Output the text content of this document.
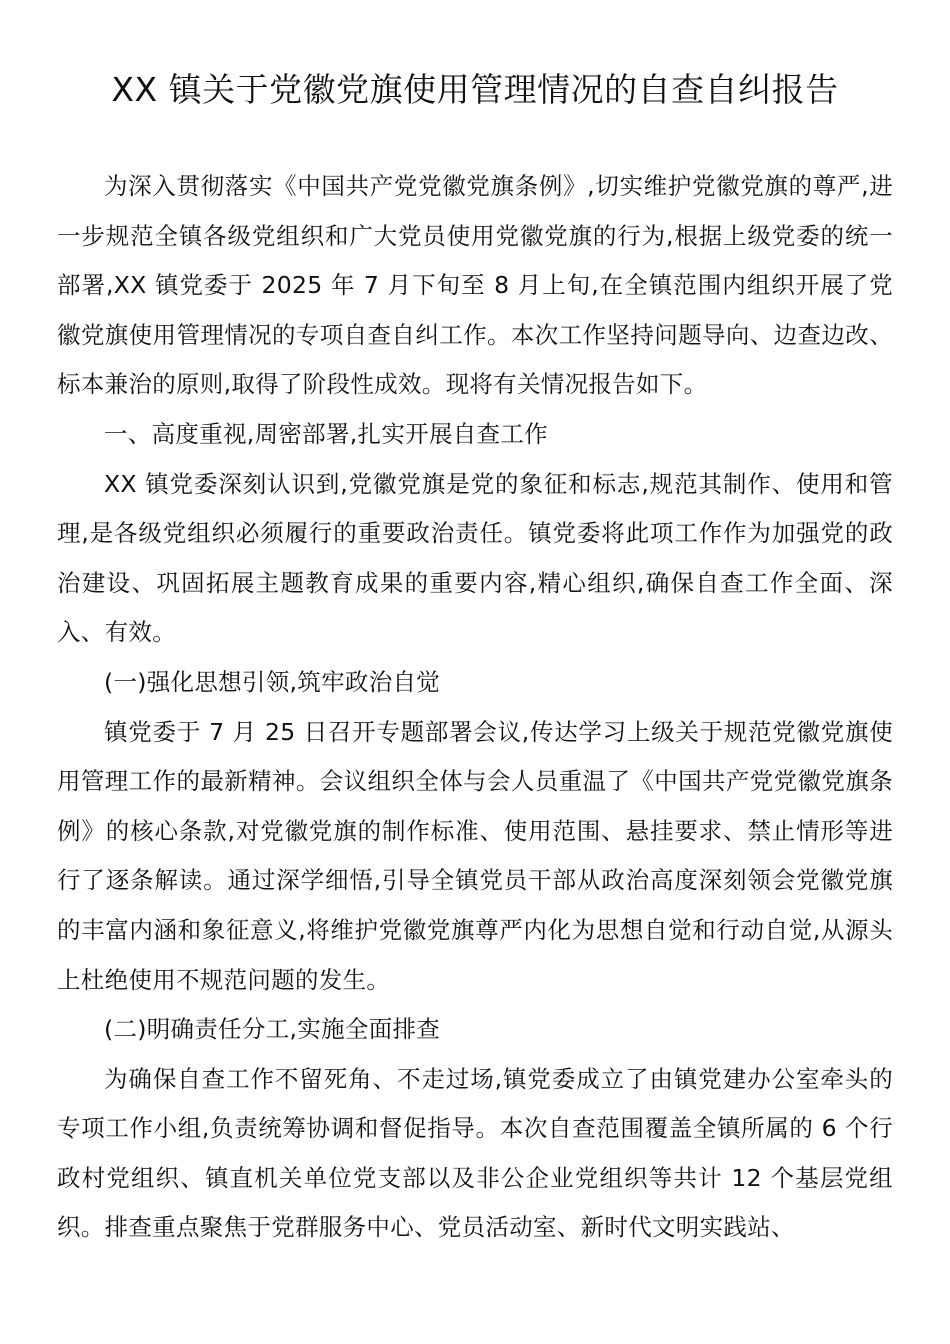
XX 镇关于党徽党旗使用管理情况的自查自纠报告

为深入贯彻落实《中国共产党党徽党旗条例》,切实维护党徽党旗的尊严,进一步规范全镇各级党组织和广大党员使用党徽党旗的行为,根据上级党委的统一部署,XX 镇党委于 2025 年 7 月下旬至 8 月上旬,在全镇范围内组织开展了党徽党旗使用管理情况的专项自查自纠工作。本次工作坚持问题导向、边查边改、标本兼治的原则,取得了阶段性成效。现将有关情况报告如下。

一、高度重视,周密部署,扎实开展自查工作

XX 镇党委深刻认识到,党徽党旗是党的象征和标志,规范其制作、使用和管理,是各级党组织必须履行的重要政治责任。镇党委将此项工作作为加强党的政治建设、巩固拓展主题教育成果的重要内容,精心组织,确保自查工作全面、深入、有效。

(一)强化思想引领,筑牢政治自觉

镇党委于 7 月 25 日召开专题部署会议,传达学习上级关于规范党徽党旗使用管理工作的最新精神。会议组织全体与会人员重温了《中国共产党党徽党旗条例》的核心条款,对党徽党旗的制作标准、使用范围、悬挂要求、禁止情形等进行了逐条解读。通过深学细悟,引导全镇党员干部从政治高度深刻领会党徽党旗的丰富内涵和象征意义,将维护党徽党旗尊严内化为思想自觉和行动自觉,从源头上杜绝使用不规范问题的发生。

(二)明确责任分工,实施全面排查

为确保自查工作不留死角、不走过场,镇党委成立了由镇党建办公室牵头的专项工作小组,负责统筹协调和督促指导。本次自查范围覆盖全镇所属的 6 个行政村党组织、镇直机关单位党支部以及非公企业党组织等共计 12 个基层党组织。排查重点聚焦于党群服务中心、党员活动室、新时代文明实践站、
